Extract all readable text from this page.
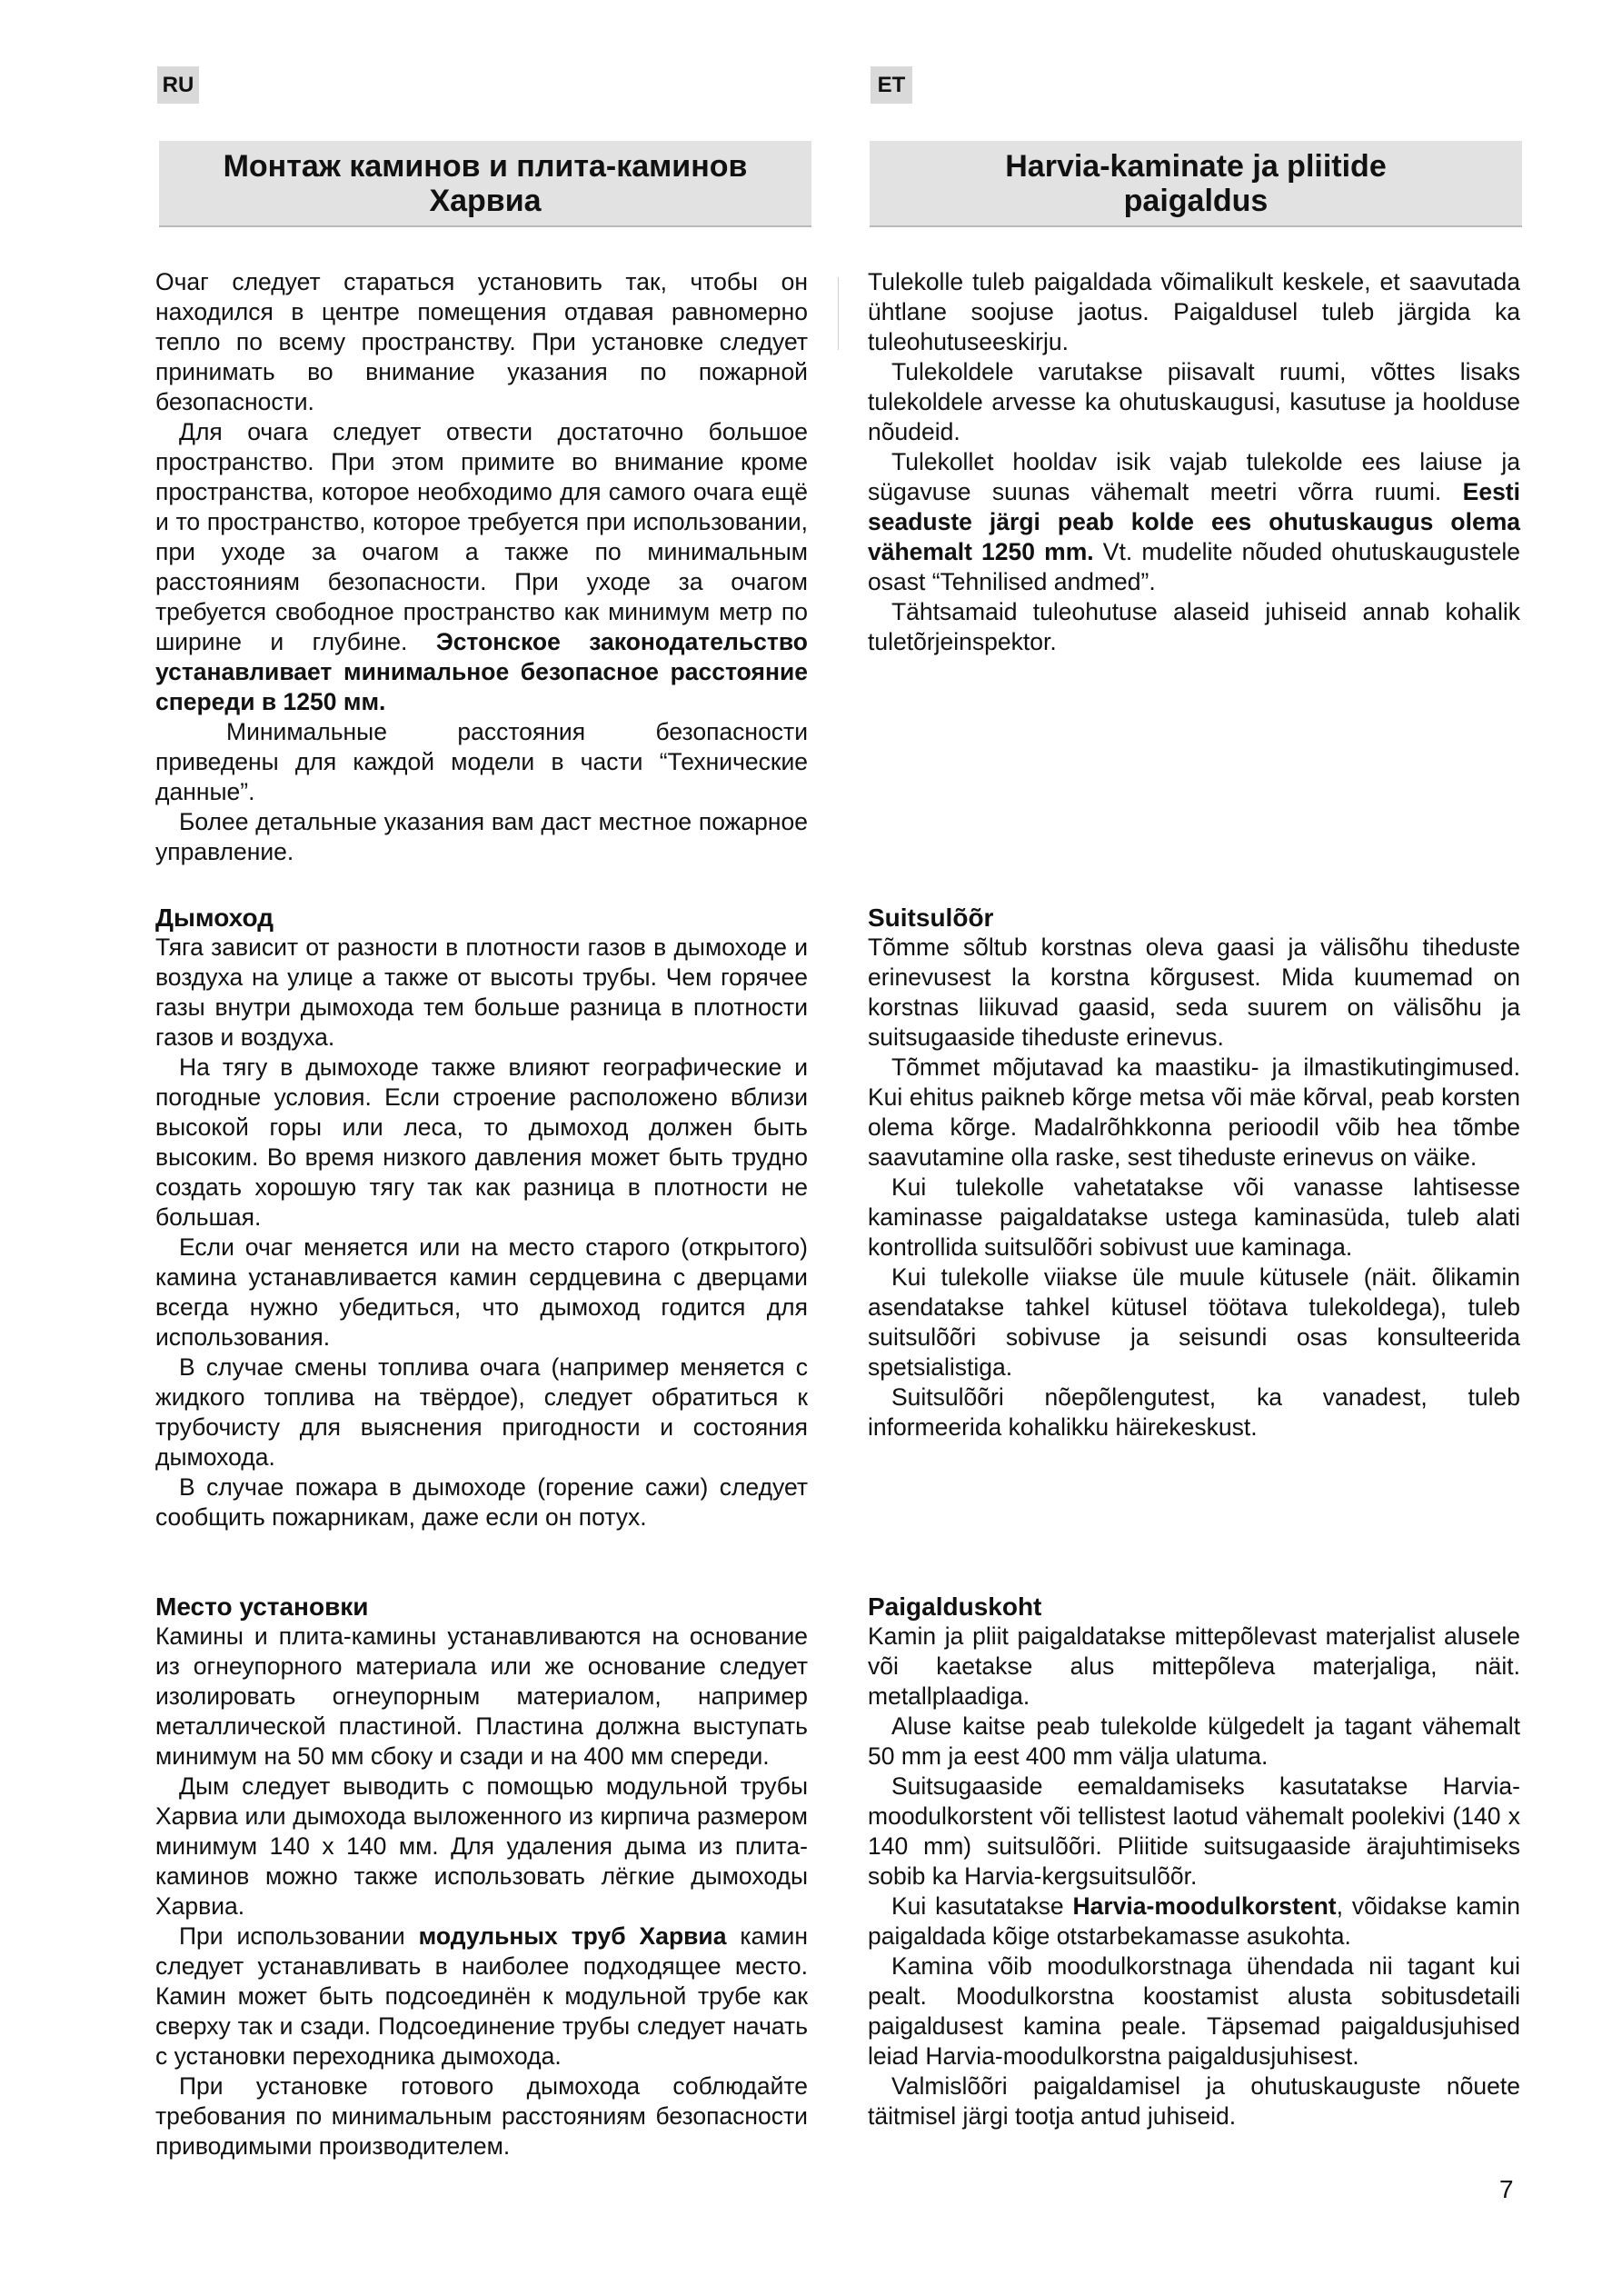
RU	ET
Монтаж каминов и плита-каминов
Харвиа
Harvia-kaminate ja pliitide
paigaldus

Очаг следует стараться установить так, чтобы он находился в центре помещения отдавая равномерно тепло по всему пространству. При установке следует принимать во внимание указания по пожарной безопасности.

Для очага следует отвести достаточно большое пространство. При этом примите во внимание кроме пространства, которое необходимо для самого очага ещё и то пространство, которое требуется при использовании, при уходе за очагом а также по минимальным расстояниям безопасности. При уходе за очагом требуется свободное пространство как минимум метр по ширине и глубине. Эстонское законодательство устанавливает минимальное безопасное расстояние спереди в 1250 мм.

Минимальные расстояния безопасности приведены для каждой модели в части “Технические данные”.

Более детальные указания вам даст местное пожарное управление.

Дымоход

Тяга зависит от разности в плотности газов в дымоходе и воздуха на улице а также от высоты трубы. Чем горячее газы внутри дымохода тем больше разница в плотности газов и воздуха.

На тягу в дымоходе также влияют географические и погодные условия. Если строение расположено вблизи высокой горы или леса, то дымоход должен быть высоким. Во время низкого давления может быть трудно создать хорошую тягу так как разница в плотности не большая.

Если очаг меняется или на место старого (открытого) камина устанавливается камин сердцевина с дверцами всегда нужно убедиться, что дымоход годится для использования.

В случае смены топлива очага (например меняется с жидкого топлива на твёрдое), следует обратиться к трубочисту для выяснения пригодности и состояния дымохода.

В случае пожара в дымоходе (горение сажи) следует сообщить пожарникам, даже если он потух.

Место установки

Камины и плита-камины устанавливаются на основание из огнеупорного материала или же основание следует изолировать огнеупорным материалом, например металлической пластиной. Пластина должна выступать минимум на 50 мм сбоку и сзади и на 400 мм спереди.

Дым следует выводить с помощью модульной трубы Харвиа или дымохода выложенного из кирпича размером минимум 140 x 140 мм. Для удаления дыма из плита-каминов можно также использовать лёгкие дымоходы Харвиа.

При использовании модульных труб Харвиа камин следует устанавливать в наиболее подходящее место. Камин может быть подсоединён к модульной трубе как сверху так и сзади. Подсоединение трубы следует начать с установки переходника дымохода.

При установке готового дымохода соблюдайте требования по минимальным расстояниям безопасности приводимыми производителем.

Tulekolle tuleb paigaldada võimalikult keskele, et saavutada ühtlane soojuse jaotus. Paigaldusel tuleb järgida ka tuleohutuseeskirju.

Tulekoldele varutakse piisavalt ruumi, võttes lisaks tulekoldele arvesse ka ohutuskaugusi, kasutuse ja hoolduse nõudeid.

Tulekollet hooldav isik vajab tulekolde ees laiuse ja sügavuse suunas vähemalt meetri võrra ruumi. Eesti seaduste järgi peab kolde ees ohutuskaugus olema vähemalt 1250 mm. Vt. mudelite nõuded ohutuskaugustele osast “Tehnilised andmed”.

Tähtsamaid tuleohutuse alaseid juhiseid annab kohalik tuletõrjeinspektor.

Suitsulõõr

Tõmme sõltub korstnas oleva gaasi ja välisõhu tiheduste erinevusest la korstna kõrgusest. Mida kuumemad on korstnas liikuvad gaasid, seda suurem on välisõhu ja suitsugaaside tiheduste erinevus.

Tõmmet mõjutavad ka maastiku- ja ilmastikutingimused. Kui ehitus paikneb kõrge metsa või mäe kõrval, peab korsten olema kõrge. Madalrõhkkonna perioodil võib hea tõmbe saavutamine olla raske, sest tiheduste erinevus on väike.

Kui tulekolle vahetatakse või vanasse lahtisesse kaminasse paigaldatakse ustega kaminasüda, tuleb alati kontrollida suitsulõõri sobivust uue kaminaga.

Kui tulekolle viiakse üle muule kütusele (näit. õlikamin asendatakse tahkel kütusel töötava tulekoldega), tuleb suitsulõõri sobivuse ja seisundi osas konsulteerida spetsialistiga.

Suitsulõõri nõepõlengutest, ka vanadest, tuleb informeerida kohalikku häirekeskust.

Paigalduskoht

Kamin ja pliit paigaldatakse mittepõlevast materjalist alusele või kaetakse alus mittepõleva materjaliga, näit. metallplaadiga.

Aluse kaitse peab tulekolde külgedelt ja tagant vähemalt 50 mm ja eest 400 mm välja ulatuma.

Suitsugaaside eemaldamiseks kasutatakse Harvia-moodulkorstent või tellistest laotud vähemalt poolekivi (140 x 140 mm) suitsulõõri. Pliitide suitsugaaside ärajuhtimiseks sobib ka Harvia-kergsuitsulõõr.

Kui kasutatakse Harvia-moodulkorstent, võidakse kamin paigaldada kõige otstarbekamasse asukohta.

Kamina võib moodulkorstnaga ühendada nii tagant kui pealt. Moodulkorstna koostamist alusta sobitusdetaili paigaldusest kamina peale. Täpsemad paigaldusjuhised leiad Harvia-moodulkorstna paigaldusjuhisest.

Valmislõõri paigaldamisel ja ohutuskauguste nõuete täitmisel järgi tootja antud juhiseid.

7
